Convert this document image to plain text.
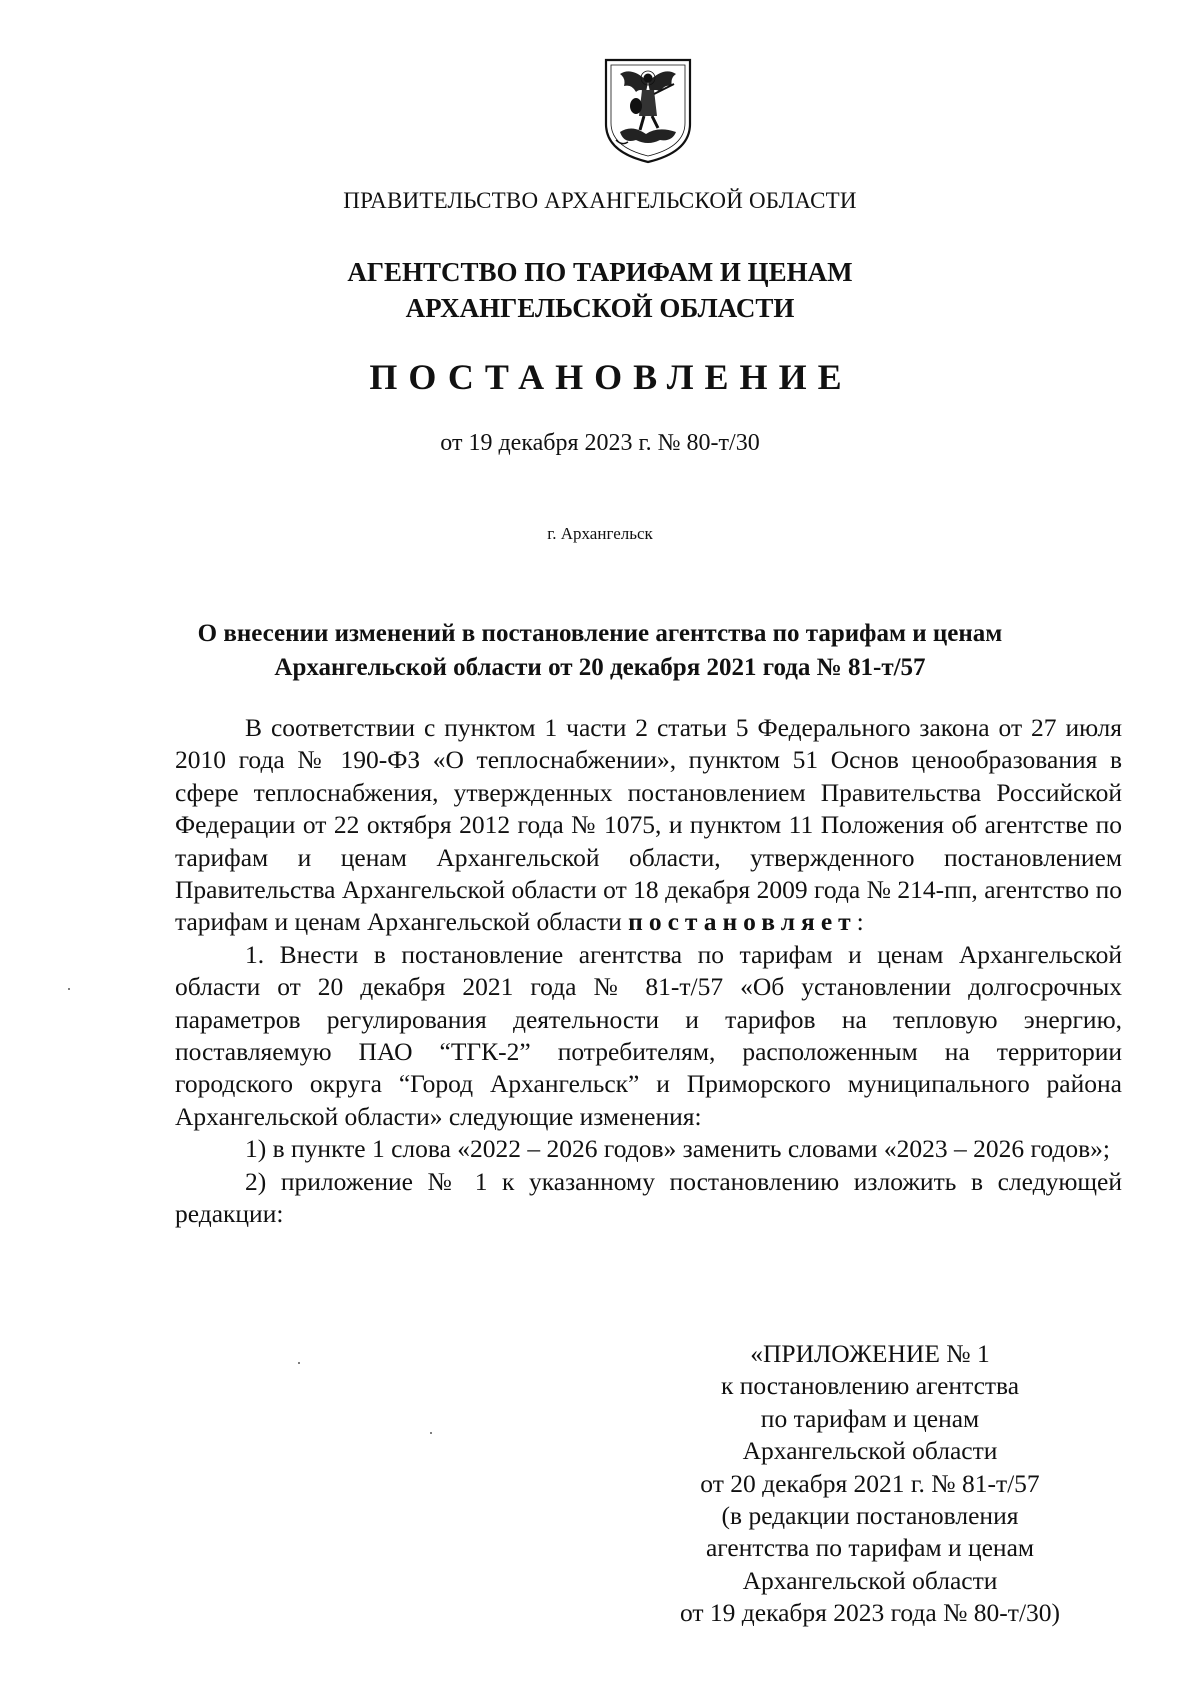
ПРАВИТЕЛЬСТВО АРХАНГЕЛЬСКОЙ ОБЛАСТИ
АГЕНТСТВО ПО ТАРИФАМ И ЦЕНАМ
АРХАНГЕЛЬСКОЙ ОБЛАСТИ
ПОСТАНОВЛЕНИЕ
от 19 декабря 2023 г. № 80-т/30
г. Архангельск
О внесении изменений в постановление агентства по тарифам и ценам
Архангельской области от 20 декабря 2021 года № 81-т/57

В соответствии с пунктом 1 части 2 статьи 5 Федерального закона от 27 июля 2010 года № 190-ФЗ «О теплоснабжении», пунктом 51 Основ ценообразования в сфере теплоснабжения, утвержденных постановлением Правительства Российской Федерации от 22 октября 2012 года № 1075, и пунктом 11 Положения об агентстве по тарифам и ценам Архангельской области, утвержденного постановлением Правительства Архангельской области от 18 декабря 2009 года № 214-пп, агентство по тарифам и ценам Архангельской области постановляет:

1. Внести в постановление агентства по тарифам и ценам Архангельской области от 20 декабря 2021 года № 81-т/57 «Об установлении долгосрочных параметров регулирования деятельности и тарифов на тепловую энергию, поставляемую ПАО “ТГК-2” потребителям, расположенным на территории городского округа “Город Архангельск” и Приморского муниципального района Архангельской области» следующие изменения:

1) в пункте 1 слова «2022 – 2026 годов» заменить словами «2023 – 2026 годов»;

2) приложение № 1 к указанному постановлению изложить в следующей редакции:

«ПРИЛОЖЕНИЕ № 1
к постановлению агентства
по тарифам и ценам
Архангельской области
от 20 декабря 2021 г. № 81-т/57
(в редакции постановления
агентства по тарифам и ценам
Архангельской области
от 19 декабря 2023 года № 80-т/30)
